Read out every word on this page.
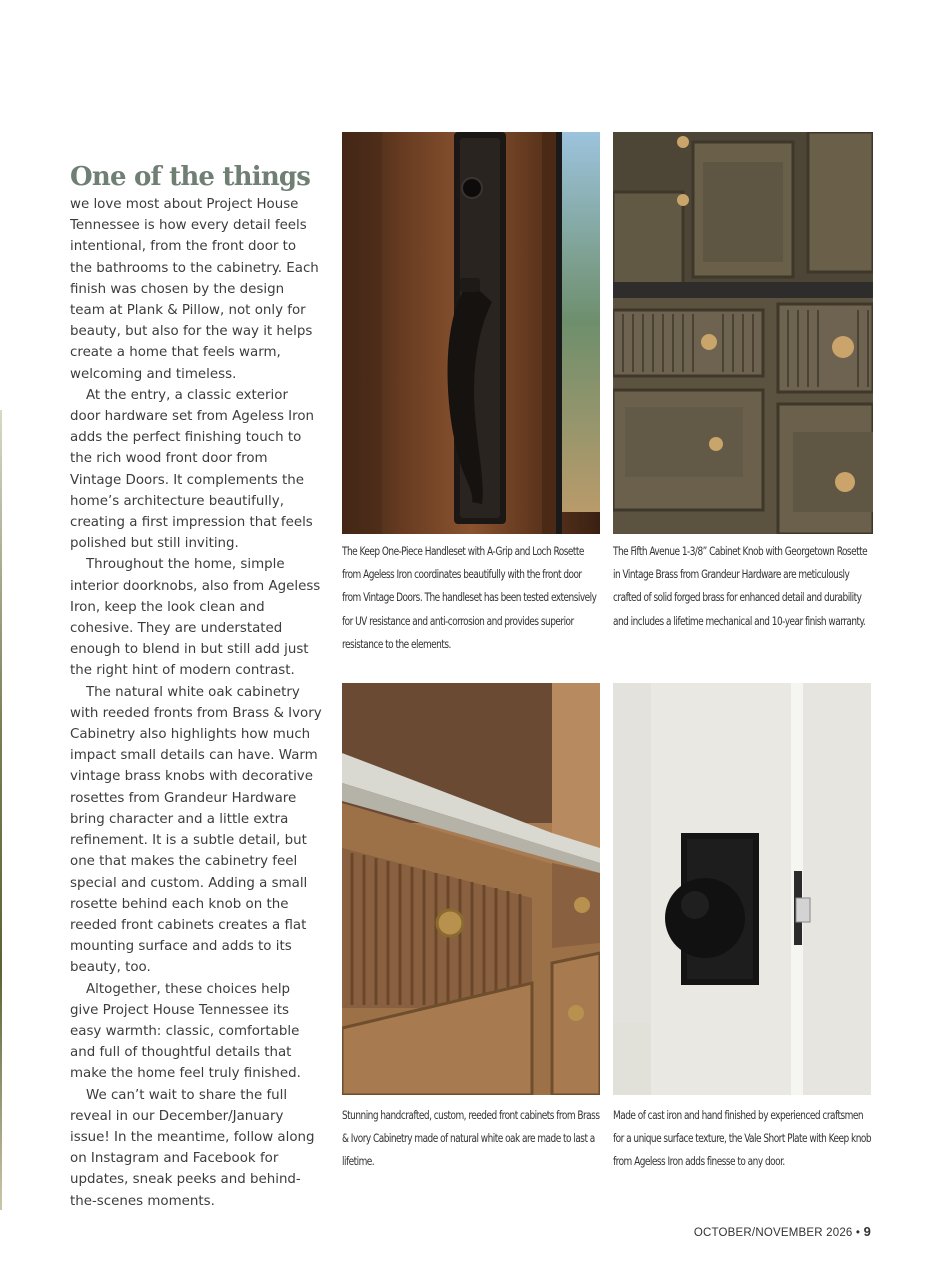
One of the things

we love most about Project House Tennessee is how every detail feels intentional, from the front door to the bathrooms to the cabinetry. Each finish was chosen by the design team at Plank & Pillow, not only for beauty, but also for the way it helps create a home that feels warm, welcoming and timeless.

At the entry, a classic exterior door hardware set from Ageless Iron adds the perfect finishing touch to the rich wood front door from Vintage Doors. It complements the home’s architecture beautifully, creating a first impression that feels polished but still inviting.

Throughout the home, simple interior doorknobs, also from Ageless Iron, keep the look clean and cohesive. They are understated enough to blend in but still add just the right hint of modern contrast.

The natural white oak cabinetry with reeded fronts from Brass & Ivory Cabinetry also highlights how much impact small details can have. Warm vintage brass knobs with decorative rosettes from Grandeur Hardware bring character and a little extra refinement. It is a subtle detail, but one that makes the cabinetry feel special and custom. Adding a small rosette behind each knob on the reeded front cabinets creates a flat mounting surface and adds to its beauty, too.

Altogether, these choices help give Project House Tennessee its easy warmth: classic, comfortable and full of thoughtful details that make the home feel truly finished.

We can’t wait to share the full reveal in our December/January issue! In the meantime, follow along on Instagram and Facebook for updates, sneak peeks and behind-the-scenes moments.

The Keep One-Piece Handleset with A-Grip and Loch Rosette from Ageless Iron coordinates beautifully with the front door from Vintage Doors. The handleset has been tested extensively for UV resistance and anti-corrosion and provides superior resistance to the elements.

The Fifth Avenue 1-3/8” Cabinet Knob with Georgetown Rosette in Vintage Brass from Grandeur Hardware are meticulously crafted of solid forged brass for enhanced detail and durability and includes a lifetime mechanical and 10-year finish warranty.

Stunning handcrafted, custom, reeded front cabinets from Brass & Ivory Cabinetry made of natural white oak are made to last a lifetime.

Made of cast iron and hand finished by experienced craftsmen for a unique surface texture, the Vale Short Plate with Keep knob from Ageless Iron adds finesse to any door.

OCTOBER/NOVEMBER 2026 • 9
